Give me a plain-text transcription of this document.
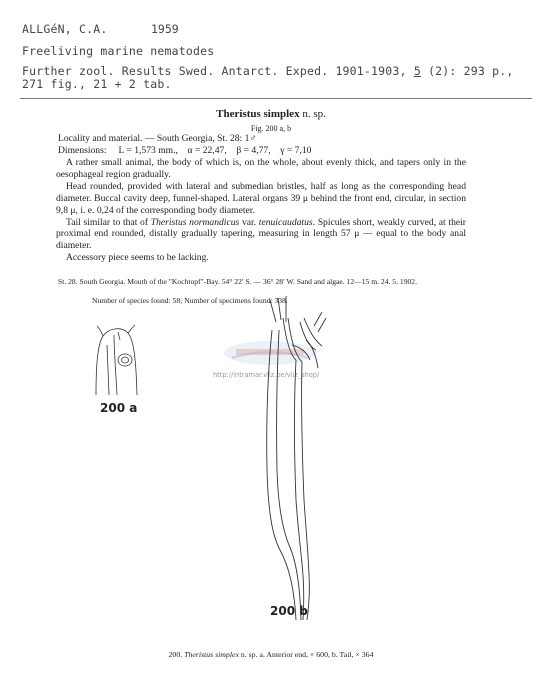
ALLGéN, C.A.	1959
Freeliving marine nematodes
Further zool. Results Swed. Antarct. Exped. 1901-1903, 5 (2): 293 p.,
271 fig., 21 + 2 tab.
Theristus simplex n. sp.
Fig. 200 a, b
Locality and material. — South Georgia, St. 28: 1♂
Dimensions:     L = 1,573 mm.,    α = 22,47,    β = 4,77,    γ = 7,10

A rather small animal, the body of which is, on the whole, about evenly thick, and tapers only in the oesophageal region gradually.

Head rounded, provided with lateral and submedian bristles, half as long as the corresponding head diameter. Buccal cavity deep, funnel-shaped. Lateral organs 39 μ behind the front end, circular, in section 9,8 μ, i. e. 0,24 of the corresponding body diameter.

Tail similar to that of Theristus normandicus var. tenuicaudatus. Spicules short, weakly curved, at their proximal end rounded, distally gradually tapering, measuring in length 57 μ — equal to the body anal diameter.

Accessory piece seems to be lacking.

St. 28. South Georgia. Mouth of the "Kochtopf"-Bay. 54° 22′ S. — 36° 28′ W. Sand and algae. 12—15 m. 24. 5. 1902.
Number of species found: 58; Number of specimens found: 338.
http://intramar.vliz.be/vliz_shop/
200 a
200 b
200. Theristus simplex n. sp. a. Anterior end, × 600, b. Tail, × 364
